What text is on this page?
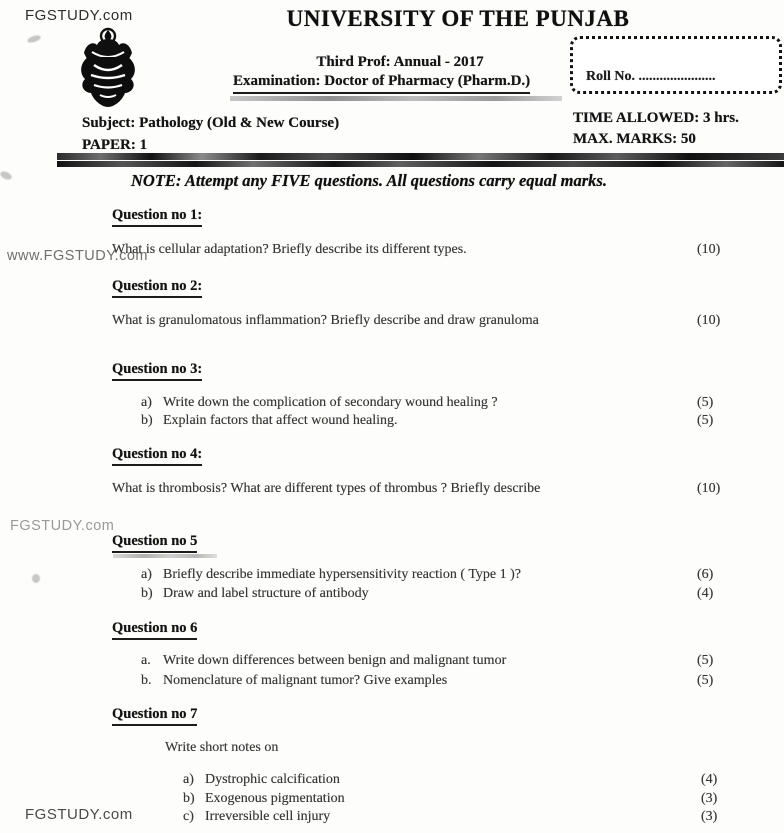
FGSTUDY.com
www.FGSTUDY.com
FGSTUDY.com
FGSTUDY.com
UNIVERSITY OF THE PUNJAB
Third Prof: Annual - 2017
Examination: Doctor of Pharmacy (Pharm.D.)	Roll No. ......................
Subject: Pathology (Old & New Course)
PAPER: 1
TIME ALLOWED: 3 hrs.
MAX. MARKS: 50
NOTE: Attempt any FIVE questions. All questions carry equal marks.
Question no 1:
What is cellular adaptation? Briefly describe its different types.	(10)
Question no 2:
What is granulomatous inflammation? Briefly describe and draw granuloma	(10)
Question no 3:
a) Write down the complication of secondary wound healing ?	(5)
b) Explain factors that affect wound healing.	(5)
Question no 4:
What is thrombosis? What are different types of thrombus ? Briefly describe	(10)
Question no 5
a) Briefly describe immediate hypersensitivity reaction ( Type 1 )?	(6)
b) Draw and label structure of antibody	(4)
Question no 6
a. Write down differences between benign and malignant tumor	(5)
b. Nomenclature of malignant tumor? Give examples	(5)
Question no 7
Write short notes on
a) Dystrophic calcification	(4)
b) Exogenous pigmentation	(3)
c) Irreversible cell injury	(3)
